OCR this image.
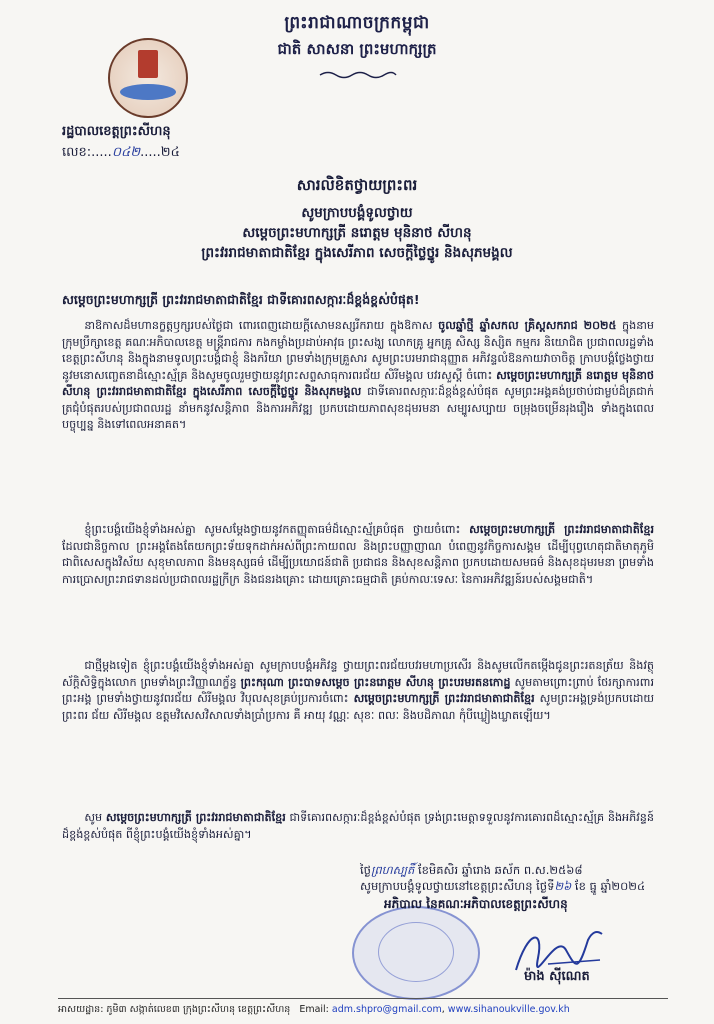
ព្រះរាជាណាចក្រកម្ពុជា
ជាតិ សាសនា ព្រះមហាក្សត្រ
រដ្ឋបាលខេត្តព្រះសីហនុ
លេខ:.....០៤២.....២៤
សារលិខិតថ្វាយព្រះពរ
សូមក្រាបបង្គំទូលថ្វាយ
សម្តេចព្រះមហាក្សត្រី នរោត្តម មុនិនាថ សីហនុ
ព្រះវររាជមាតាជាតិខ្មែរ ក្នុងសេរីភាព សេចក្តីថ្លៃថ្នូរ និងសុភមង្គល
សម្តេចព្រះមហាក្សត្រី ព្រះវររាជមាតាជាតិខ្មែរ ជាទីគោរពសក្ការៈដ៏ខ្ពង់ខ្ពស់បំផុត!
  នាឱកាសដ៏មហានក្ខត្តឫក្សរបស់ថ្ងៃជា ពោរពេញដោយក្តីសោមនស្សរីករាយ ក្នុងឱកាស ចូលឆ្នាំថ្មី ឆ្នាំសកល គ្រិស្តសករាជ ២០២៥ ក្នុងនាមក្រុមប្រឹក្សាខេត្ត គណៈអភិបាលខេត្ត មន្ត្រីរាជការ កងកម្លាំងប្រដាប់អាវុធ ព្រះសង្ឃ លោកគ្រូ អ្នកគ្រូ សិស្ស និស្សិត កម្មករ និយោជិត ប្រជាពលរដ្ឋទាំងខេត្តព្រះសីហនុ និងក្នុងនាមទូលព្រះបង្គំជាខ្ញុំ និងភរិយា ព្រមទាំងក្រុមគ្រួសារ សូមព្រះបរមរាជានុញ្ញាត អភិវន្ទលំឱនកាយវាចាចិត្ត ក្រាបបង្គំថ្លែងថ្វាយនូវមនោសញ្ចេតនាដ៏ស្មោះស្ម័គ្រ និងសូមចូលរួមថ្វាយនូវព្រះសព្ទសាធុការពរជ័យ សិរីមង្គល បវរសួស្តី ចំពោះ សម្តេចព្រះមហាក្សត្រី នរោត្តម មុនិនាថ សីហនុ ព្រះវររាជមាតាជាតិខ្មែរ ក្នុងសេរីភាព សេចក្តីថ្លៃថ្នូរ និងសុភមង្គល ជាទីគោរពសក្ការៈដ៏ខ្ពង់ខ្ពស់បំផុត សូមព្រះអង្គគង់ប្រថាប់ជាម្លប់ដ៏ត្រជាក់ត្រជុំបំផុតរបស់ប្រជាពលរដ្ឋ នាំមកនូវសន្តិភាព និងការអភិវឌ្ឍ ប្រកបដោយភាពសុខដុមរមនា សម្បូរសប្បាយ ចម្រុងចម្រើនរុងរឿង ទាំងក្នុងពេលបច្ចុប្បន្ន និងទៅពេលអនាគត។
  ខ្ញុំព្រះបង្គំយើងខ្ញុំទាំងអស់គ្នា សូមសម្តែងថ្វាយនូវកតញ្ញុតាធម៌ដ៏ស្មោះស្ម័គ្របំផុត ថ្វាយចំពោះ សម្តេចព្រះមហាក្សត្រី ព្រះវររាជមាតាជាតិខ្មែរ ដែលជានិច្ចកាល ព្រះអង្គតែងតែយកព្រះទ័យទុកដាក់អស់ពីព្រះកាយពល និងព្រះបញ្ញាញាណ បំពេញនូវកិច្ចការសង្គម ដើម្បីបុព្វហេតុជាតិមាតុភូមិ ជាពិសេសក្នុងវិស័យ សុខុមាលភាព និងមនុស្សធម៌ ដើម្បីប្រយោជន៍ជាតិ ប្រជាជន និងសុខសន្តិភាព ប្រកបដោយសមធម៌ និងសុខដុមរមនា ព្រមទាំងការប្រោសព្រះរាជទានដល់ប្រជាពលរដ្ឋក្រីក្រ និងជនរងគ្រោះ ដោយគ្រោះធម្មជាតិ គ្រប់កាលៈទេសៈ នៃការអភិវឌ្ឍន៍របស់សង្គមជាតិ។
  ជាថ្មីម្តងទៀត ខ្ញុំព្រះបង្គំយើងខ្ញុំទាំងអស់គ្នា សូមក្រាបបង្គំអភិវន្ទ ថ្វាយព្រះពរជ័យបវរមហាប្រសើរ និងសូមលើកតម្កើងជូនព្រះរតនត្រ័យ និងវត្ថុស័ក្តិសិទ្ធិក្នុងលោក ព្រមទាំងព្រះវិញ្ញាណក្ខ័ន្ធ ព្រះករុណា ព្រះបាទសម្តេច ព្រះនរោត្តម សីហនុ ព្រះបរមរតនកោដ្ឋ សូមតាមព្រោះព្រាប់ ថែរក្សាការពារព្រះអង្គ ព្រមទាំងថ្វាយនូវពរជ័យ សិរីមង្គល វិបុលសុខគ្រប់ប្រការចំពោះ សម្តេចព្រះមហាក្សត្រី ព្រះវររាជមាតាជាតិខ្មែរ សូមព្រះអង្គទ្រង់ប្រកបដោយព្រះពរ ជ័យ សិរីមង្គល ឧត្តមវិសេសវិសាលទាំងប្រាំប្រការ គឺ អាយុ វណ្ណៈ សុខៈ ពលៈ និងបដិភាណ កុំបីឃ្លៀងឃ្លាតឡើយ។
  សូម សម្តេចព្រះមហាក្សត្រី ព្រះវររាជមាតាជាតិខ្មែរ ជាទីគោរពសក្ការៈដ៏ខ្ពង់ខ្ពស់បំផុត ទ្រង់ព្រះមេត្តាទទួលនូវការគោរពដ៏ស្មោះស្ម័គ្រ និងអភិវន្ទន៍ដ៏ខ្ពង់ខ្ពស់បំផុត ពីខ្ញុំព្រះបង្គំយើងខ្ញុំទាំងអស់គ្នា។
ថ្ងៃព្រហស្បតិ៍ ខែមិគសិរ ឆ្នាំរោង ឆស័ក ព.ស.២៥៦៨
សូមក្រាបបង្គំទូលថ្វាយនៅខេត្តព្រះសីហនុ ថ្ងៃទី២៦ ខែ ធ្នូ ឆ្នាំ២០២៤
អភិបាល នៃគណៈអភិបាលខេត្តព្រះសីហនុ
ម៉ាង ស៊ីណេត
អាសយដ្ឋាន: ភូមិ៣ សង្កាត់លេខ៣ ក្រុងព្រះសីហនុ ខេត្តព្រះសីហនុ Email: adm.shpro@gmail.com, www.sihanoukville.gov.kh
